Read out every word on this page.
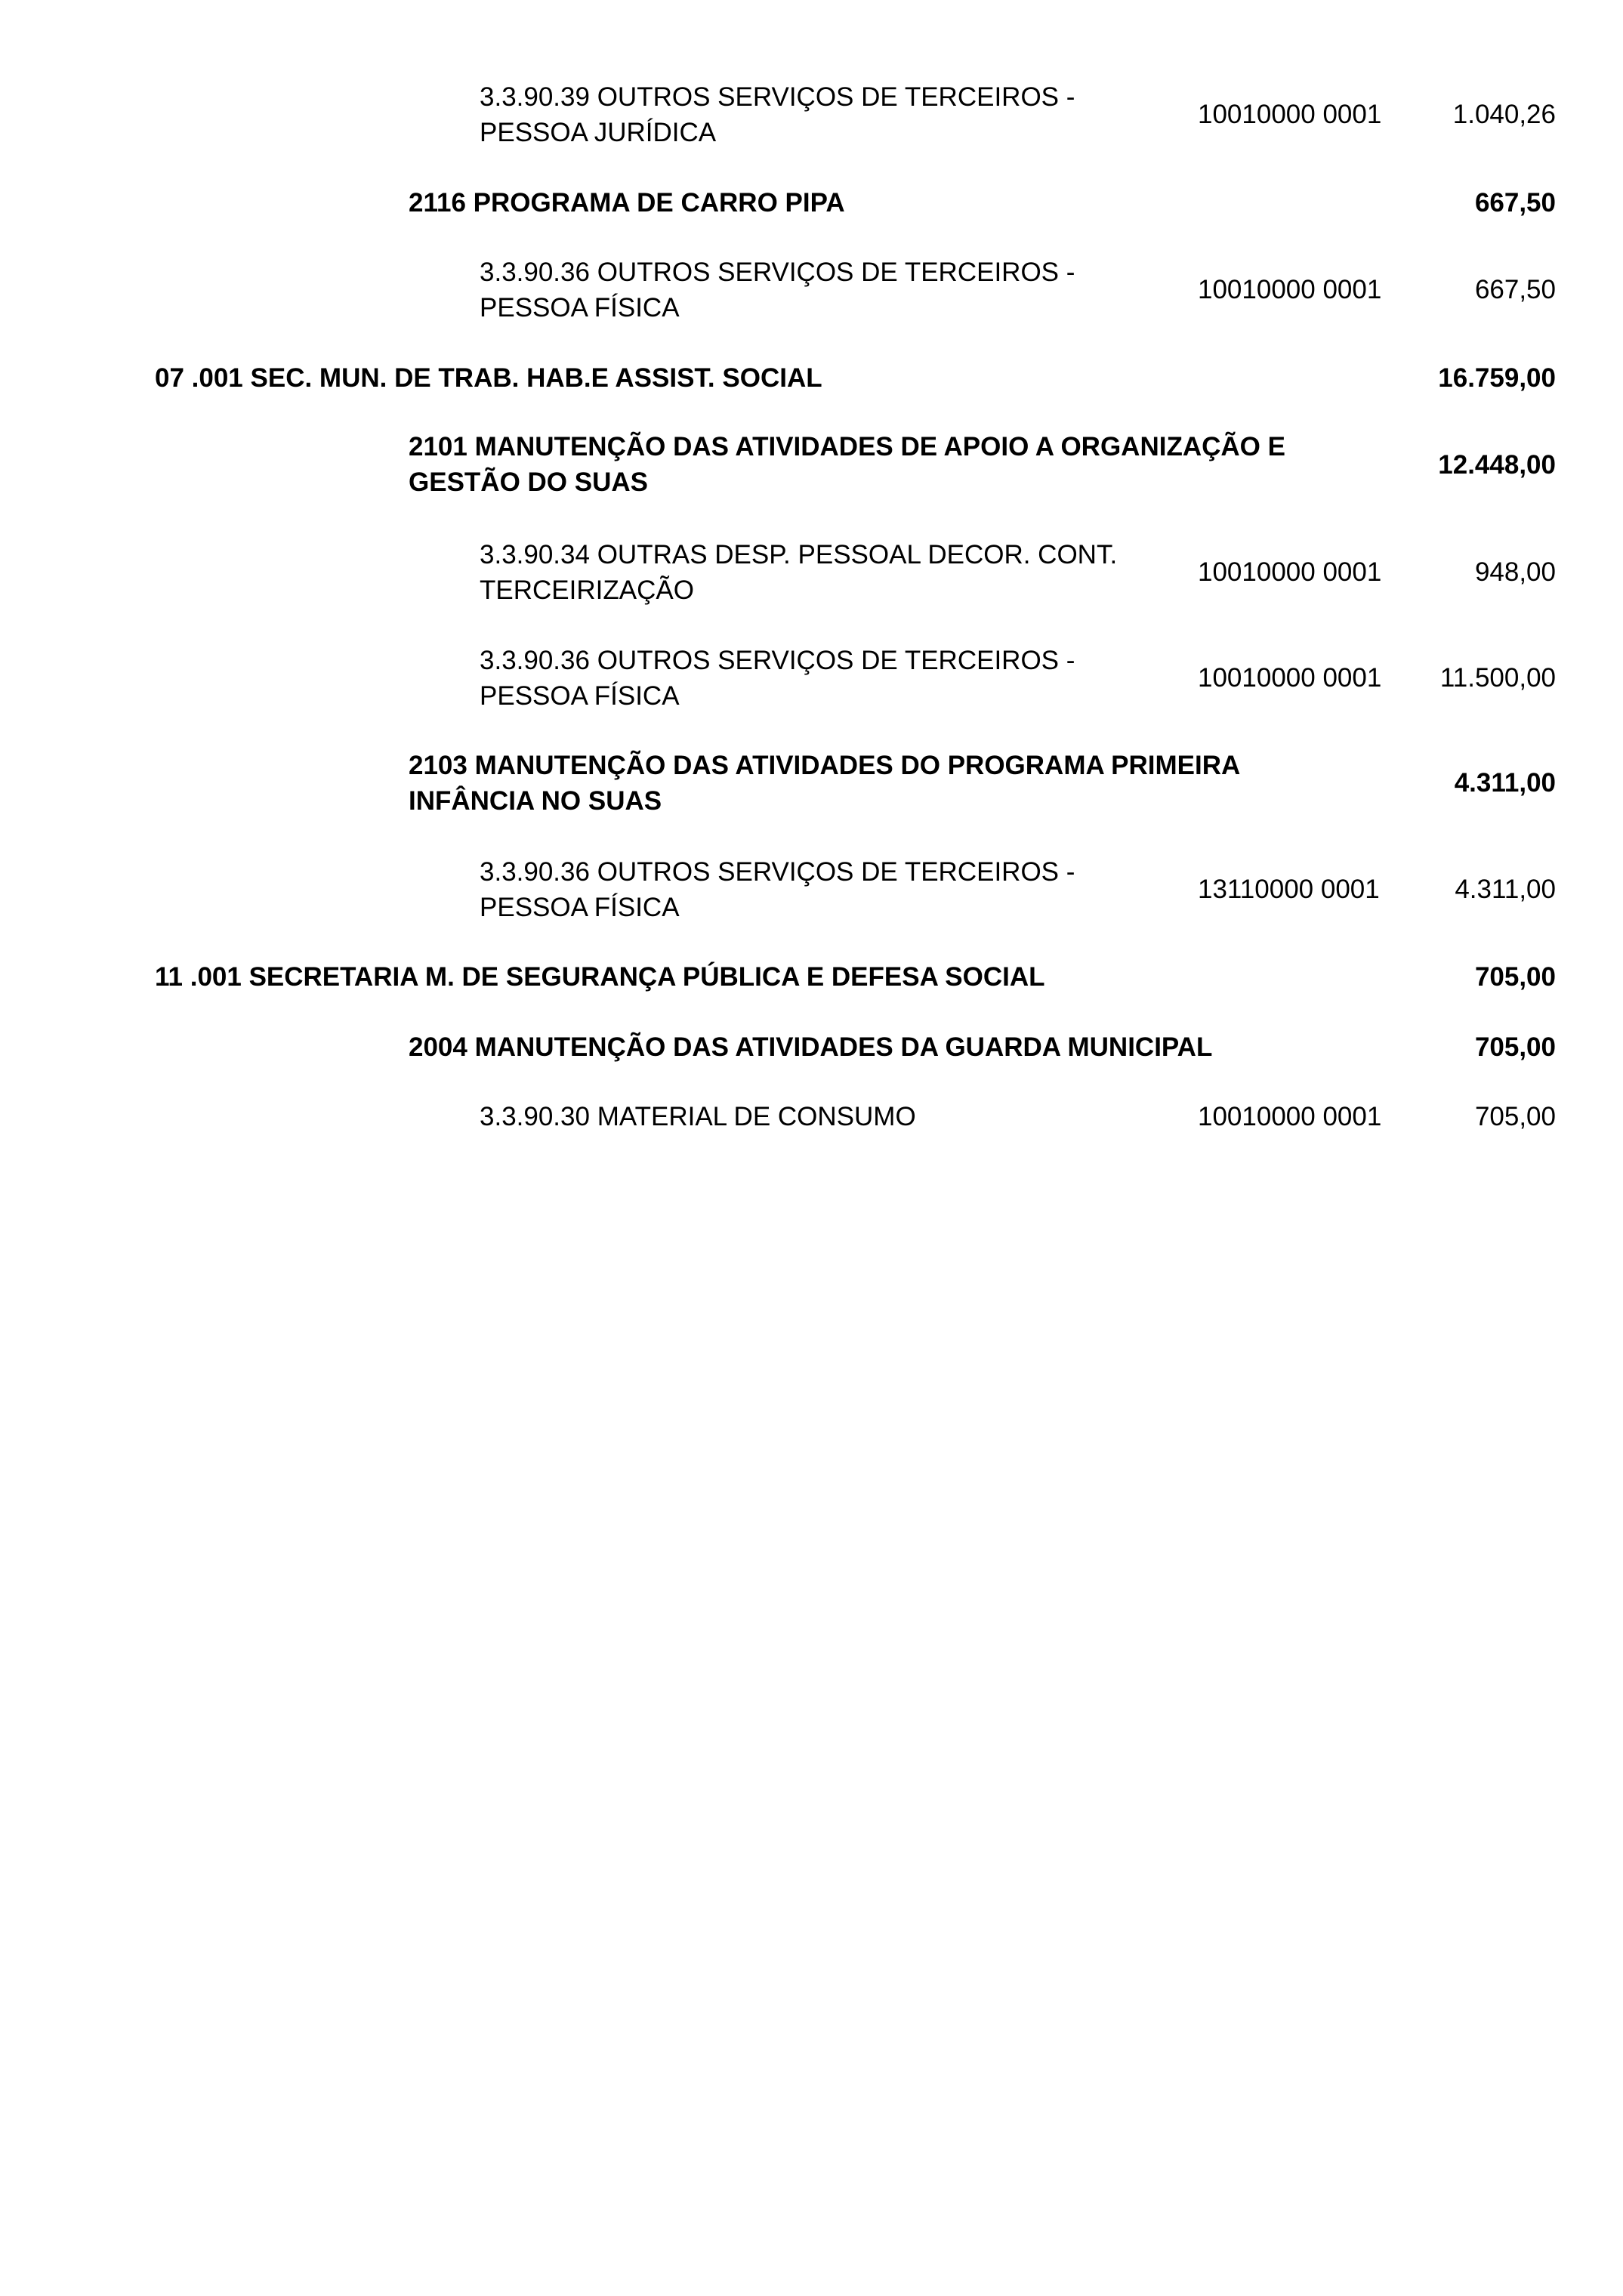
3.3.90.39 OUTROS SERVIÇOS DE TERCEIROS -
PESSOA JURÍDICA
10010000 0001	1.040,26
2116 PROGRAMA DE CARRO PIPA	667,50
3.3.90.36 OUTROS SERVIÇOS DE TERCEIROS -
PESSOA FÍSICA
10010000 0001	667,50
07 .001 SEC. MUN. DE TRAB. HAB.E ASSIST. SOCIAL	16.759,00
2101 MANUTENÇÃO DAS ATIVIDADES DE APOIO A ORGANIZAÇÃO E
GESTÃO DO SUAS
12.448,00
3.3.90.34 OUTRAS DESP. PESSOAL DECOR. CONT.
TERCEIRIZAÇÃO
10010000 0001	948,00
3.3.90.36 OUTROS SERVIÇOS DE TERCEIROS -
PESSOA FÍSICA
10010000 0001 11.500,00
2103 MANUTENÇÃO DAS ATIVIDADES DO PROGRAMA PRIMEIRA
INFÂNCIA NO SUAS
4.311,00
3.3.90.36 OUTROS SERVIÇOS DE TERCEIROS -
PESSOA FÍSICA
13110000 0001	4.311,00
11 .001 SECRETARIA M. DE SEGURANÇA PÚBLICA E DEFESA SOCIAL	705,00
2004 MANUTENÇÃO DAS ATIVIDADES DA GUARDA MUNICIPAL	705,00
3.3.90.30 MATERIAL DE CONSUMO	10010000 0001	705,00
